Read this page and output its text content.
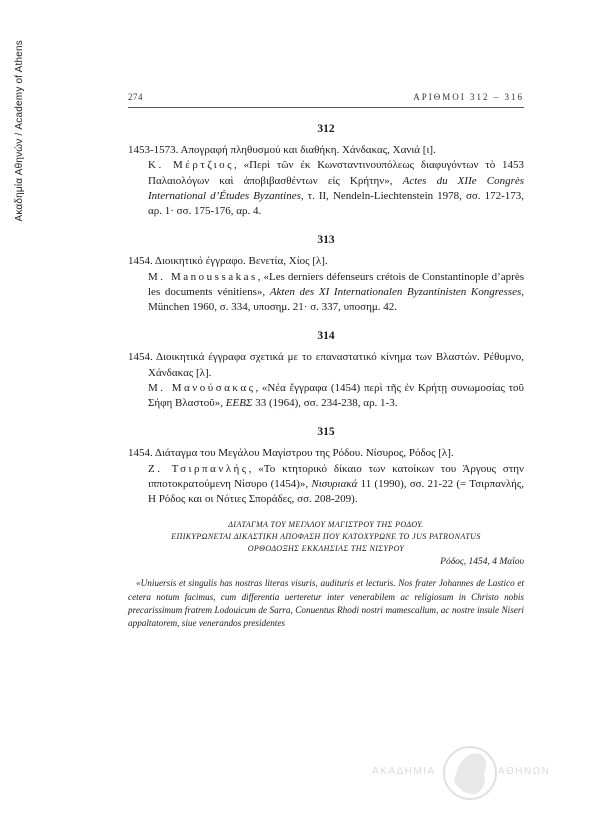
Ακαδημία Αθηνών / Academy of Athens	274	ΑΡΙΘΜΟΙ 312 – 316
312

1453-1573. Απογραφή πληθυσμού και διαθήκη. Χάνδακας, Χανιά [ι].

Κ. Μέρτζιος, «Περὶ τῶν ἐκ Κωνσταντινουπόλεως διαφυγόντων τὸ 1453 Παλαιολόγων καὶ ἀποβιβασθέντων εἰς Κρήτην», Actes du XIIe Congrès International d’Études Byzantines, τ. II, Nendeln-Liechtenstein 1978, σσ. 172-173, αρ. 1· σσ. 175-176, αρ. 4.

313

1454. Διοικητικό έγγραφο. Βενετία, Χίος [λ].

M. Manoussakas, «Les derniers défenseurs crétois de Constantinople d’après les documents vénitiens», Akten des XI Internationalen Byzantinisten Kongresses, München 1960, σ. 334, υποσημ. 21· σ. 337, υποσημ. 42.

314

1454. Διοικητικά έγγραφα σχετικά με το επαναστατικό κίνημα των Βλαστών. Ρέθυμνο, Χάνδακας [λ].

Μ. Μανούσακας, «Νέα ἔγγραφα (1454) περὶ τῆς ἐν Κρήτῃ συνωμοσίας τοῦ Σήφη Βλαστοῦ», ΕΕΒΣ 33 (1964), σσ. 234-238, αρ. 1-3.

315

1454. Διάταγμα του Μεγάλου Μαγίστρου της Ρόδου. Νίσυρος, Ρόδος [λ].

Ζ. Τσιρπανλής, «Το κτητορικό δίκαιο των κατοίκων του Άργους στην ιπποτοκρατούμενη Νίσυρο (1454)», Νισυριακά 11 (1990), σσ. 21-22 (= Τσιρπανλής, Η Ρόδος και οι Νότιες Σποράδες, σσ. 208-209).

ΔΙΑΤΑΓΜΑ ΤΟΥ ΜΕΓΑΛΟΥ ΜΑΓΙΣΤΡΟΥ ΤΗΣ ΡΟΔΟΥ.
ΕΠΙΚΥΡΩΝΕΤΑΙ ΔΙΚΑΣΤΙΚΗ ΑΠΟΦΑΣΗ ΠΟΥ ΚΑΤΟΧΥΡΩΝΕ ΤΟ JUS PATRONATUS
ΟΡΘΟΔΟΞΗΣ ΕΚΚΛΗΣΙΑΣ ΤΗΣ ΝΙΣΥΡΟΥ
Ρόδος, 1454, 4 Μαΐου
«Uniuersis et singulis has nostras literas visuris, audituris et lecturis. Nos frater Johannes de Lastico et cetera notum facimus, cum differentia uerteretur inter venerabilem ac religiosum in Christo nobis precarissimum fratrem Lodouicum de Sarra, Conuentus Rhodi nostri mamescallum, ac nostre insule Niseri appaltatorem, siue venerandos presidentes
ΑΚΑΔΗΜΙΑ	ΑΘΗΝΩΝ
